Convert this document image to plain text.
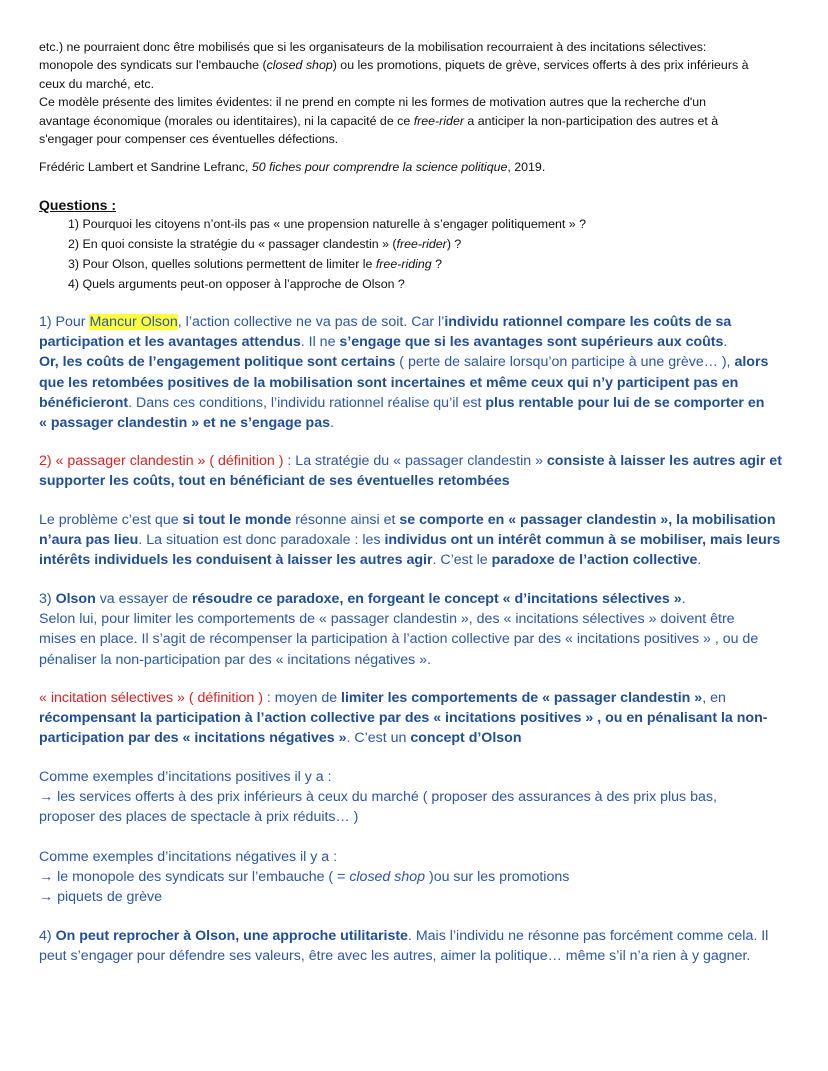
etc.) ne pourraient donc être mobilisés que si les organisateurs de la mobilisation recourraient à des incitations sélectives:

monopole des syndicats sur l'embauche (closed shop) ou les promotions, piquets de grève, services offerts à des prix inférieurs à

ceux du marché, etc.

Ce modèle présente des limites évidentes: il ne prend en compte ni les formes de motivation autres que la recherche d'un

avantage économique (morales ou identitaires), ni la capacité de ce free-rider a anticiper la non-participation des autres et à

s'engager pour compenser ces éventuelles défections.

Frédéric Lambert et Sandrine Lefranc, 50 fiches pour comprendre la science politique, 2019.
Questions :
1) Pourquoi les citoyens n’ont-ils pas « une propension naturelle à s’engager politiquement » ?
2) En quoi consiste la stratégie du « passager clandestin » (free-rider) ?
3) Pour Olson, quelles solutions permettent de limiter le free-riding ?
4) Quels arguments peut-on opposer à l’approche de Olson ?
1) Pour Mancur Olson, l’action collective ne va pas de soit. Car l’individu rationnel compare les coûts de sa
participation et les avantages attendus. Il ne s’engage que si les avantages sont supérieurs aux coûts.
Or, les coûts de l’engagement politique sont certains ( perte de salaire lorsqu’on participe à une grève… ), alors
que les retombées positives de la mobilisation sont incertaines et même ceux qui n’y participent pas en
bénéficieront. Dans ces conditions, l’individu rationnel réalise qu’il est plus rentable pour lui de se comporter en
« passager clandestin » et ne s’engage pas.
2) « passager clandestin » ( définition ) : La stratégie du « passager clandestin » consiste à laisser les autres agir et
supporter les coûts, tout en bénéficiant de ses éventuelles retombées
Le problème c’est que si tout le monde résonne ainsi et se comporte en « passager clandestin », la mobilisation
n’aura pas lieu. La situation est donc paradoxale : les individus ont un intérêt commun à se mobiliser, mais leurs
intérêts individuels les conduisent à laisser les autres agir. C’est le paradoxe de l’action collective.
3) Olson va essayer de résoudre ce paradoxe, en forgeant le concept « d’incitations sélectives ».
Selon lui, pour limiter les comportements de « passager clandestin », des « incitations sélectives » doivent être
mises en place. Il s’agit de récompenser la participation à l’action collective par des « incitations positives » , ou de
pénaliser la non-participation par des « incitations négatives ».
« incitation sélectives » ( définition ) : moyen de limiter les comportements de « passager clandestin », en
récompensant la participation à l’action collective par des « incitations positives » , ou en pénalisant la non-
participation par des « incitations négatives ». C’est un concept d’Olson
Comme exemples d’incitations positives il y a :
→ les services offerts à des prix inférieurs à ceux du marché ( proposer des assurances à des prix plus bas,
proposer des places de spectacle à prix réduits… )
Comme exemples d’incitations négatives il y a :
→ le monopole des syndicats sur l’embauche ( = closed shop )ou sur les promotions
→ piquets de grève
4) On peut reprocher à Olson, une approche utilitariste. Mais l’individu ne résonne pas forcément comme cela. Il
peut s’engager pour défendre ses valeurs, être avec les autres, aimer la politique… même s’il n’a rien à y gagner.
